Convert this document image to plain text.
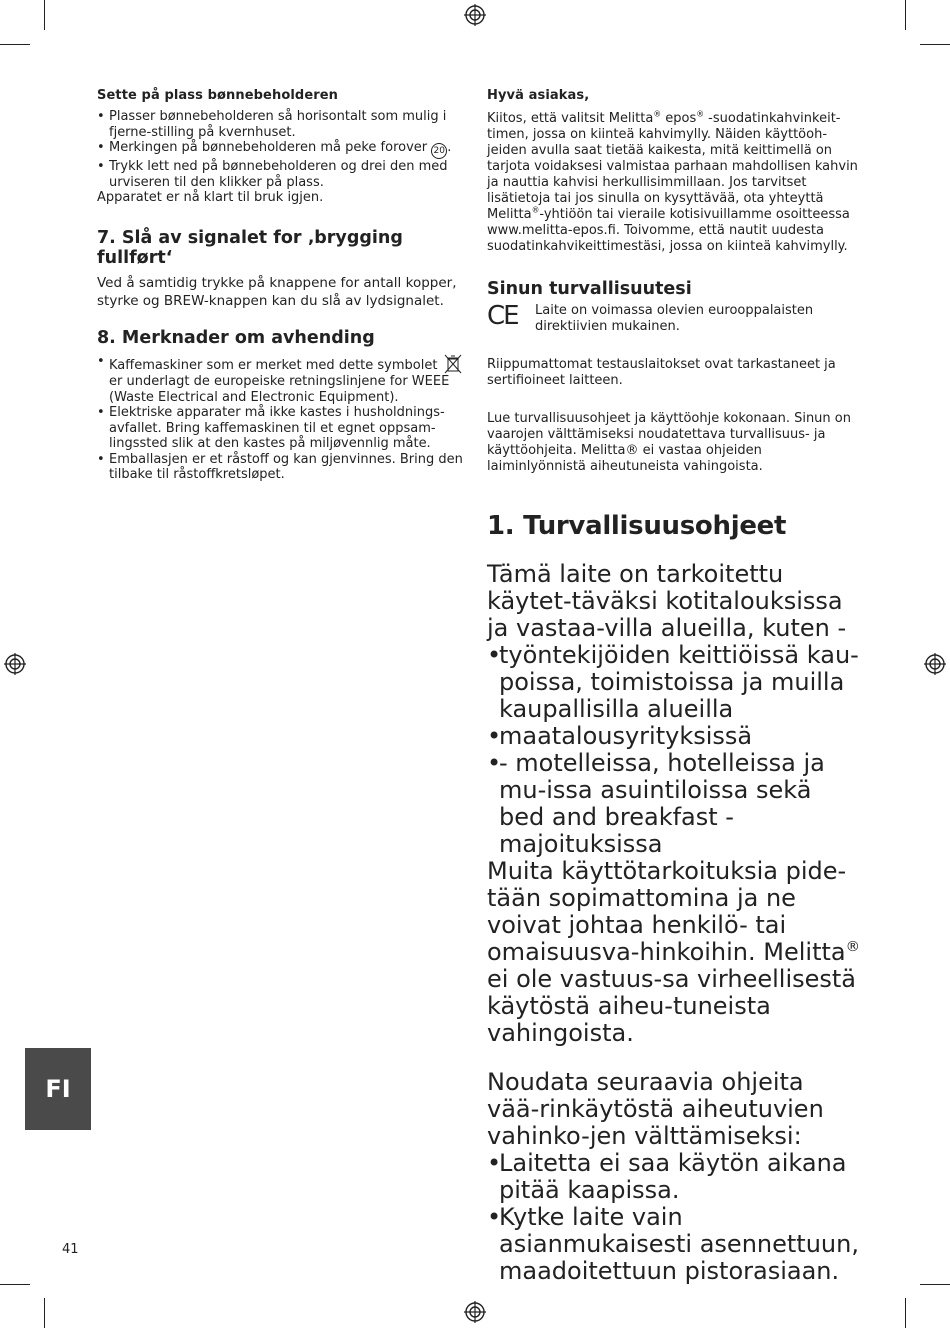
Sette på plass bønnebeholderen
• Plasser bønnebeholderen så horisontalt som mulig i fjerne-stilling på kvernhuset.
• Merkingen på bønnebeholderen må peke forover 20 .
• Trykk lett ned på bønnebeholderen og drei den med urviseren til den klikker på plass.

Apparatet er nå klart til bruk igjen.

7. Slå av signalet for ‚brygging fullført‘

Ved å samtidig trykke på knappene for antall kopper, styrke og BREW-knappen kan du slå av lydsignalet.

8. Merknader om avhending
• Kaffemaskiner som er merket med dette symbolet
er underlagt de europeiske retningslinjene for WEEE (Waste Electrical and Electronic Equipment).
• Elektriske apparater må ikke kastes i husholdnings-avfallet. Bring kaffemaskinen til et egnet oppsam-lingssted slik at den kastes på miljøvennlig måte.
• Emballasjen er et råstoff og kan gjenvinnes. Bring den tilbake til råstoffkretsløpet.
Hyvä asiakas,

Kiitos, että valitsit Melitta® epos® -suodatinkahvinkeit-timen, jossa on kiinteä kahvimylly. Näiden käyttöoh-jeiden avulla saat tietää kaikesta, mitä keittimellä on tarjota voidaksesi valmistaa parhaan mahdollisen kahvin ja nauttia kahvisi herkullisimmillaan. Jos tarvitset lisätietoja tai jos sinulla on kysyttävää, ota yhteyttä Melitta®-yhtiöön tai vieraile kotisivuillamme osoitteessa www.melitta-epos.fi. Toivomme, että nautit uudesta suodatinkahvikeittimestäsi, jossa on kiinteä kahvimylly.

Sinun turvallisuutesi
CE	Laite on voimassa olevien eurooppalaisten direktiivien mukainen.

Riippumattomat testauslaitokset ovat tarkastaneet ja sertifioineet laitteen.

Lue turvallisuusohjeet ja käyttöohje kokonaan. Sinun on vaarojen välttämiseksi noudatettava turvallisuus- ja käyttöohjeita. Melitta® ei vastaa ohjeiden laiminlyönnistä aiheutuneista vahingoista.

1. Turvallisuusohjeet

Tämä laite on tarkoitettu käytet-täväksi kotitalouksissa ja vastaa-villa alueilla, kuten -

• työntekijöiden keittiöissä kau-poissa, toimistoissa ja muilla kaupallisilla alueilla
• maatalousyrityksissä
• - motelleissa, hotelleissa ja mu-issa asuintiloissa sekä bed and breakfast -majoituksissa

Muita käyttötarkoituksia pide-tään sopimattomina ja ne voivat johtaa henkilö- tai omaisuusva-hinkoihin. Melitta® ei ole vastuus-sa virheellisestä käytöstä aiheu-tuneista vahingoista.

Noudata seuraavia ohjeita vää-rinkäytöstä aiheutuvien vahinko-jen välttämiseksi:

• Laitetta ei saa käytön aikana pitää kaapissa.
• Kytke laite vain asianmukaisesti asennettuun, maadoitettuun pistorasiaan.
FI
41
